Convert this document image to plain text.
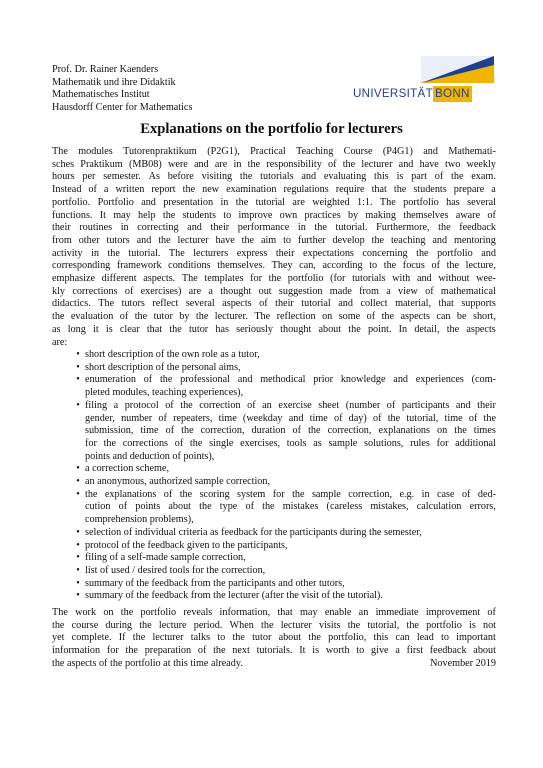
Prof. Dr. Rainer Kaenders
Mathematik und ihre Didaktik
Mathematisches Institut
Hausdorff Center for Mathematics
UNIVERSITÄT BONN
Explanations on the portfolio for lecturers
The modules Tutorenpraktikum (P2G1), Practical Teaching Course (P4G1) and Mathemati-
sches Praktikum (MB08) were and are in the responsibility of the lecturer and have two weekly
hours per semester. As before visiting the tutorials and evaluating this is part of the exam.
Instead of a written report the new examination regulations require that the students prepare a
portfolio. Portfolio and presentation in the tutorial are weighted 1:1. The portfolio has several
functions. It may help the students to improve own practices by making themselves aware of
their routines in correcting and their performance in the tutorial. Furthermore, the feedback
from other tutors and the lecturer have the aim to further develop the teaching and mentoring
activity in the tutorial. The lecturers express their expectations concerning the portfolio and
corresponding framework conditions themselves. They can, according to the focus of the lecture,
emphasize different aspects. The templates for the portfolio (for tutorials with and without wee-
kly corrections of exercises) are a thought out suggestion made from a view of mathematical
didactics. The tutors reflect several aspects of their tutorial and collect material, that supports
the evaluation of the tutor by the lecturer. The reflection on some of the aspects can be short,
as long it is clear that the tutor has seriously thought about the point. In detail, the aspects
are:
• short description of the own role as a tutor,
• short description of the personal aims,
• enumeration of the professional and methodical prior knowledge and experiences (com-
pleted modules, teaching experiences),
• filing a protocol of the correction of an exercise sheet (number of participants and their
gender, number of repeaters, time (weekday and time of day) of the tutorial, time of the
submission, time of the correction, duration of the correction, explanations on the times
for the corrections of the single exercises, tools as sample solutions, rules for additional
points and deduction of points),
• a correction scheme,
• an anonymous, authorized sample correction,
• the explanations of the scoring system for the sample correction, e.g. in case of ded-
cution of points about the type of the mistakes (careless mistakes, calculation errors,
comprehension problems),
• selection of individual criteria as feedback for the participants during the semester,
• protocol of the feedback given to the participants,
• filing of a self-made sample correction,
• list of used / desired tools for the correction,
• summary of the feedback from the participants and other tutors,
• summary of the feedback from the lecturer (after the visit of the tutorial).
The work on the portfolio reveals information, that may enable an immediate improvement of
the course during the lecture period. When the lecturer visits the tutorial, the portfolio is not
yet complete. If the lecturer talks to the tutor about the portfolio, this can lead to important
information for the preparation of the next tutorials. It is worth to give a first feedback about
the aspects of the portfolio at this time already.	November 2019
